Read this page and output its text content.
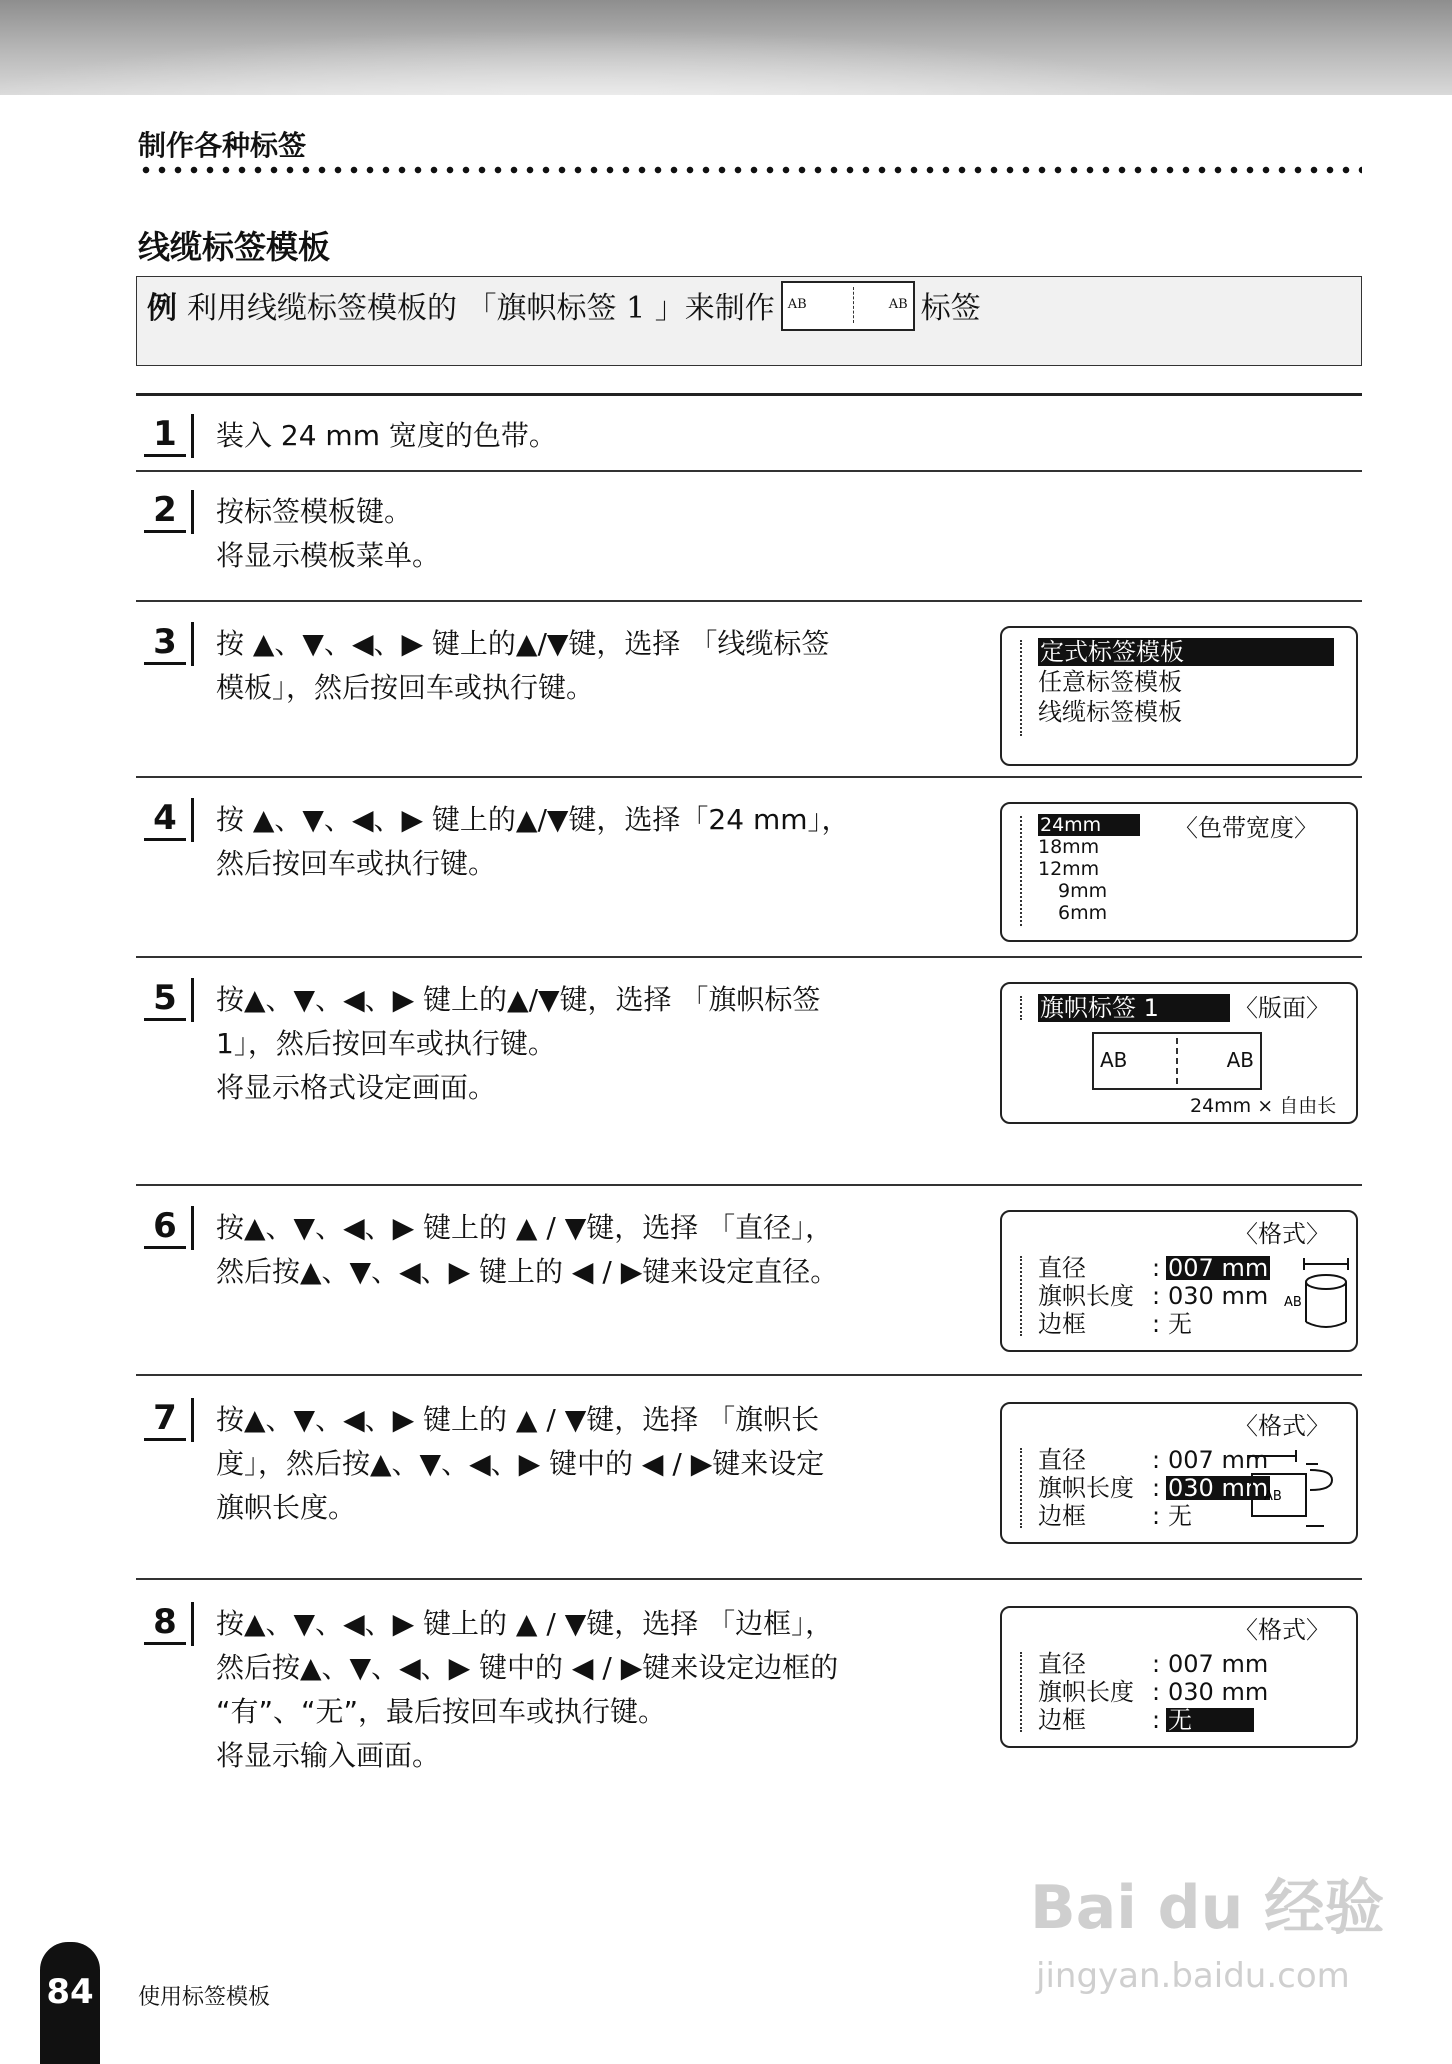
制作各种标签
线缆标签模板
例 利用线缆标签模板的 「旗帜标签 1 」来制作 AB	AB 标签
1	装入 24 mm 宽度的色带。

2	按标签模板键。

将显示模板菜单。

3	按 ▲、▼、◀、▶ 键上的▲/▼键，选择 「线缆标签

模板」，然后按回车或执行键。

定式标签模板
任意标签模板
线缆标签模板
4	按 ▲、▼、◀、▶ 键上的▲/▼键，选择「24 mm」，

然后按回车或执行键。

24mm
18mm
12mm
9mm
6mm
〈色带宽度〉
5	按▲、▼、◀、▶ 键上的▲/▼键，选择 「旗帜标签

1」，然后按回车或执行键。

将显示格式设定画面。

旗帜标签 1	〈版面〉
AB	AB
24mm × 自由长
6	按▲、▼、◀、▶ 键上的 ▲ / ▼键，选择 「直径」，

然后按▲、▼、◀、▶ 键上的 ◀ / ▶键来设定直径。

〈格式〉
直径	: 007 mm
旗帜长度 : 030 mm
边框	: 无
AB
7	按▲、▼、◀、▶ 键上的 ▲ / ▼键，选择 「旗帜长

度」，然后按▲、▼、◀、▶ 键中的 ◀ / ▶键来设定

旗帜长度。

〈格式〉
直径	: 007 mm
旗帜长度 : 030 mm
边框	: 无
AB
8	按▲、▼、◀、▶ 键上的 ▲ / ▼键，选择 「边框」，

然后按▲、▼、◀、▶ 键中的 ◀ / ▶键来设定边框的

“有”、“无”，最后按回车或执行键。

将显示输入画面。

〈格式〉
直径	: 007 mm
旗帜长度 : 030 mm
边框	: 无
84 使用标签模板
Bai du 经验
jingyan.baidu.com
